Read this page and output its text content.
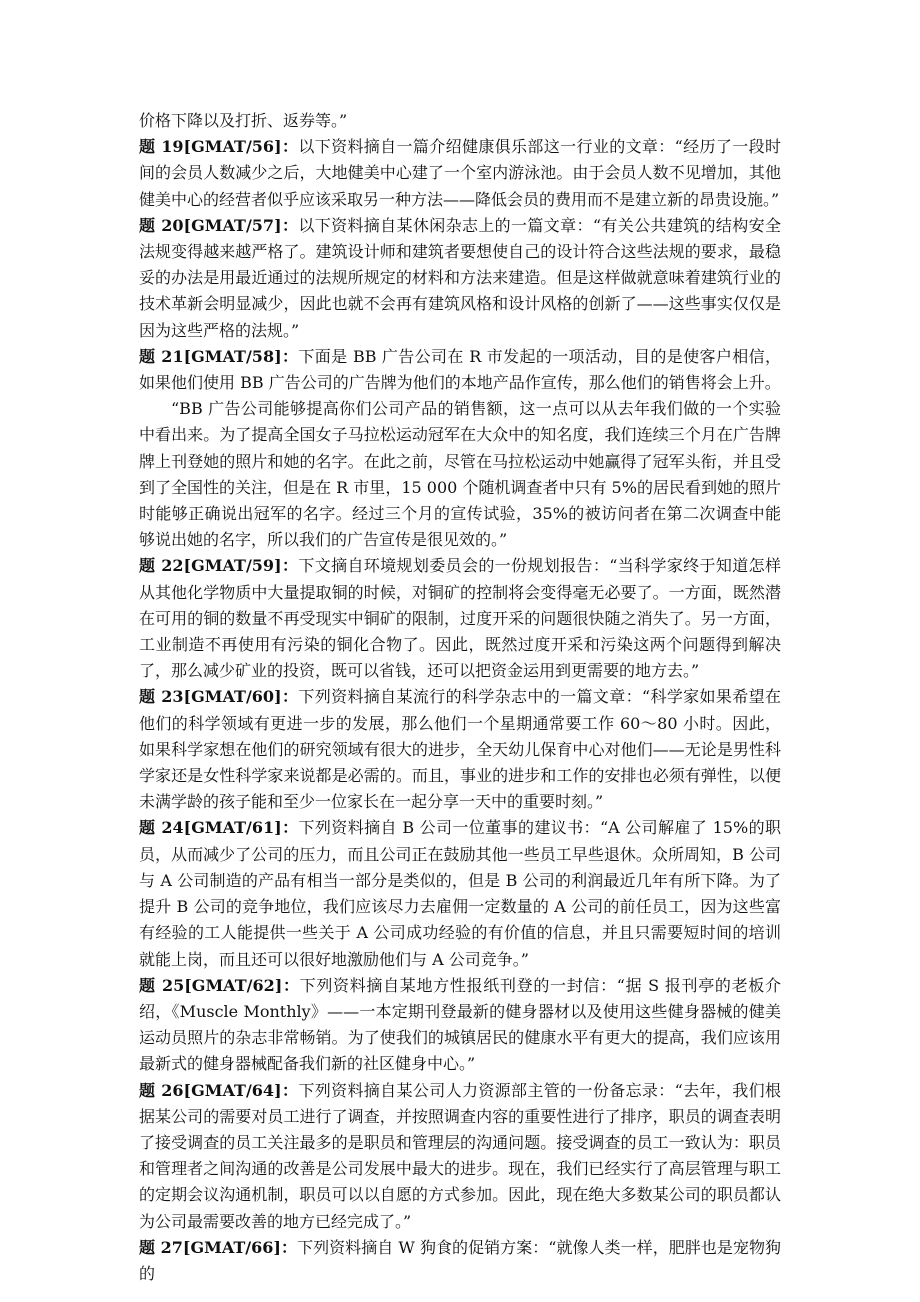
价格下降以及打折、返券等。”

题 19[GMAT/56]：以下资料摘自一篇介绍健康俱乐部这一行业的文章：“经历了一段时间的会员人数减少之后，大地健美中心建了一个室内游泳池。由于会员人数不见增加，其他健美中心的经营者似乎应该采取另一种方法——降低会员的费用而不是建立新的昂贵设施。”

题 20[GMAT/57]：以下资料摘自某休闲杂志上的一篇文章：“有关公共建筑的结构安全法规变得越来越严格了。建筑设计师和建筑者要想使自己的设计符合这些法规的要求，最稳妥的办法是用最近通过的法规所规定的材料和方法来建造。但是这样做就意味着建筑行业的技术革新会明显减少，因此也就不会再有建筑风格和设计风格的创新了——这些事实仅仅是因为这些严格的法规。”

题 21[GMAT/58]：下面是 BB 广告公司在 R 市发起的一项活动，目的是使客户相信，如果他们使用 BB 广告公司的广告牌为他们的本地产品作宣传，那么他们的销售将会上升。

“BB 广告公司能够提高你们公司产品的销售额，这一点可以从去年我们做的一个实验中看出来。为了提高全国女子马拉松运动冠军在大众中的知名度，我们连续三个月在广告牌牌上刊登她的照片和她的名字。在此之前，尽管在马拉松运动中她赢得了冠军头衔，并且受到了全国性的关注，但是在 R 市里，15 000 个随机调查者中只有 5%的居民看到她的照片时能够正确说出冠军的名字。经过三个月的宣传试验，35%的被访问者在第二次调查中能够说出她的名字，所以我们的广告宣传是很见效的。”

题 22[GMAT/59]：下文摘自环境规划委员会的一份规划报告：“当科学家终于知道怎样从其他化学物质中大量提取铜的时候，对铜矿的控制将会变得毫无必要了。一方面，既然潜在可用的铜的数量不再受现实中铜矿的限制，过度开采的问题很快随之消失了。另一方面，工业制造不再使用有污染的铜化合物了。因此，既然过度开采和污染这两个问题得到解决了，那么减少矿业的投资，既可以省钱，还可以把资金运用到更需要的地方去。”

题 23[GMAT/60]：下列资料摘自某流行的科学杂志中的一篇文章：“科学家如果希望在他们的科学领域有更进一步的发展，那么他们一个星期通常要工作 60～80 小时。因此，如果科学家想在他们的研究领域有很大的进步，全天幼儿保育中心对他们——无论是男性科学家还是女性科学家来说都是必需的。而且，事业的进步和工作的安排也必须有弹性，以便未满学龄的孩子能和至少一位家长在一起分享一天中的重要时刻。”

题 24[GMAT/61]：下列资料摘自 B 公司一位董事的建议书：“A 公司解雇了 15%的职员，从而减少了公司的压力，而且公司正在鼓励其他一些员工早些退休。众所周知，B 公司与 A 公司制造的产品有相当一部分是类似的，但是 B 公司的利润最近几年有所下降。为了提升 B 公司的竞争地位，我们应该尽力去雇佣一定数量的 A 公司的前任员工，因为这些富有经验的工人能提供一些关于 A 公司成功经验的有价值的信息，并且只需要短时间的培训就能上岗，而且还可以很好地激励他们与 A 公司竞争。”

题 25[GMAT/62]：下列资料摘自某地方性报纸刊登的一封信：“据 S 报刊亭的老板介绍，《Muscle Monthly》——一本定期刊登最新的健身器材以及使用这些健身器械的健美运动员照片的杂志非常畅销。为了使我们的城镇居民的健康水平有更大的提高，我们应该用最新式的健身器械配备我们新的社区健身中心。”

题 26[GMAT/64]：下列资料摘自某公司人力资源部主管的一份备忘录：“去年，我们根据某公司的需要对员工进行了调查，并按照调查内容的重要性进行了排序，职员的调查表明了接受调查的员工关注最多的是职员和管理层的沟通问题。接受调查的员工一致认为：职员和管理者之间沟通的改善是公司发展中最大的进步。现在，我们已经实行了高层管理与职工的定期会议沟通机制，职员可以以自愿的方式参加。因此，现在绝大多数某公司的职员都认为公司最需要改善的地方已经完成了。”

题 27[GMAT/66]：下列资料摘自 W 狗食的促销方案：“就像人类一样，肥胖也是宠物狗的
